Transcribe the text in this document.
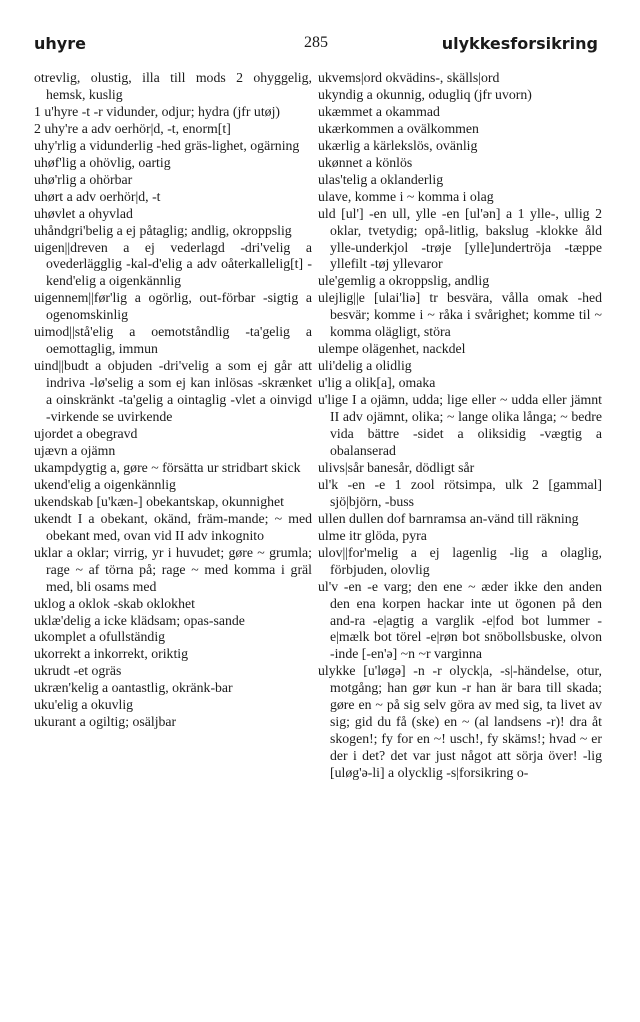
uhyre	285	ulykkesforsikring

otrevlig, olustig, illa till mods 2 ohyggelig, hemsk, kuslig

1 u'hyre -t -r vidunder, odjur; hydra (jfr utøj)

2 uhy're a adv oerhör|d, -t, enorm[t]

uhy'rlig a vidunderlig -hed gräs-lighet, ogärning

uhøf'lig a ohövlig, oartig

uhø'rlig a ohörbar

uhørt a adv oerhör|d, -t

uhøvlet a ohyvlad

uhåndgri'belig a ej påtaglig; andlig, okroppslig

uigen||dreven a ej vederlagd -dri'velig a ovederlägglig -kal-d'elig a adv oåterkallelig[t] -kend'elig a oigenkännlig

uigennem||før'lig a ogörlig, out-förbar -sigtig a ogenomskinlig

uimod||stå'elig a oemotståndlig -ta'gelig a oemottaglig, immun

uind||budt a objuden -dri'velig a som ej går att indriva -lø'selig a som ej kan inlösas -skrænket a oinskränkt -ta'gelig a ointaglig -vlet a oinvigd -virkende se uvirkende

ujordet a obegravd

ujævn a ojämn

ukampdygtig a, gøre ~ försätta ur stridbart skick

ukend'elig a oigenkännlig

ukendskab [u'kæn-] obekantskap, okunnighet

ukendt I a obekant, okänd, främ-mande; ~ med obekant med, ovan vid II adv inkognito

uklar a oklar; virrig, yr i huvudet; gøre ~ grumla; rage ~ af törna på; rage ~ med komma i gräl med, bli osams med

uklog a oklok -skab oklokhet

uklæ'delig a icke klädsam; opas-sande

ukomplet a ofullständig

ukorrekt a inkorrekt, oriktig

ukrudt -et ogräs

ukræn'kelig a oantastlig, okränk-bar

uku'elig a okuvlig

ukurant a ogiltig; osäljbar

ukvems|ord okvädins-, skälls|ord

ukyndig a okunnig, odugliq (jfr uvorn)

ukæmmet a okammad

ukærkommen a ovälkommen

ukærlig a kärlekslös, ovänlig

ukønnet a könlös

ulas'telig a oklanderlig

ulave, komme i ~ komma i olag

uld [ul'] -en ull, ylle -en [ul'ən] a 1 ylle-, ullig 2 oklar, tvetydig; opå-litlig, bakslug -klokke åld ylle-underkjol -trøje [ylle]undertröja -tæppe yllefilt -tøj yllevaror

ule'gemlig a okroppslig, andlig

ulejlig||e [ulai'liə] tr besvära, vålla omak -hed besvär; komme i ~ råka i svårighet; komme til ~ komma olägligt, störa

ulempe olägenhet, nackdel

uli'delig a olidlig

u'lig a olik[a], omaka

u'lige I a ojämn, udda; lige eller ~ udda eller jämnt II adv ojämnt, olika; ~ lange olika långa; ~ bedre vida bättre -sidet a oliksidig -vægtig a obalanserad

ulivs|sår banesår, dödligt sår

ul'k -en -e 1 zool rötsimpa, ulk 2 [gammal] sjö|björn, -buss

ullen dullen dof barnramsa an-vänd till räkning

ulme itr glöda, pyra

ulov||for'melig a ej lagenlig -lig a olaglig, förbjuden, olovlig

ul'v -en -e varg; den ene ~ æder ikke den anden den ena korpen hackar inte ut ögonen på den and-ra -e|agtig a varglik -e|fod bot lummer -e|mælk bot törel -e|røn bot snöbollsbuske, olvon -inde [-en'ə] ~n ~r varginna

ulykke [u'løgə] -n -r olyck|a, -s|-händelse, otur, motgång; han gør kun -r han är bara till skada; gøre en ~ på sig selv göra av med sig, ta livet av sig; gid du få (ske) en ~ (al landsens -r)! dra åt skogen!; fy for en ~! usch!, fy skäms!; hvad ~ er der i det? det var just något att sörja över! -lig [uløg'ə-li] a olycklig -s|forsikring o-
